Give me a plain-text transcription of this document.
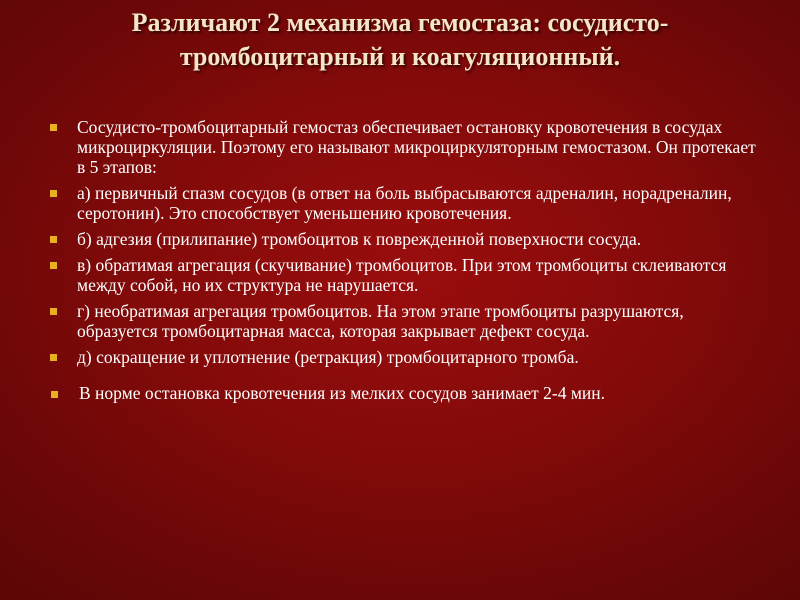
Различают 2 механизма гемостаза: сосудисто-тромбоцитарный и коагуляционный.
Сосудисто-тромбоцитарный гемостаз обеспечивает остановку кровотечения в сосудах микроциркуляции. Поэтому его называют микроциркуляторным гемостазом. Он протекает в 5 этапов:
а) первичный спазм сосудов (в ответ на боль выбрасываются адреналин, норадреналин, серотонин). Это способствует уменьшению кровотечения.
б) адгезия (прилипание) тромбоцитов к поврежденной поверхности сосуда.
в) обратимая агрегация (скучивание) тромбоцитов. При этом тромбоциты склеиваются между собой, но их структура не нарушается.
г) необратимая агрегация тромбоцитов. На этом этапе тромбоциты разрушаются, образуется тромбоцитарная масса, которая закрывает дефект сосуда.
д) сокращение и уплотнение (ретракция) тромбоцитарного тромба.
В норме остановка кровотечения из мелких сосудов занимает 2-4 мин.
